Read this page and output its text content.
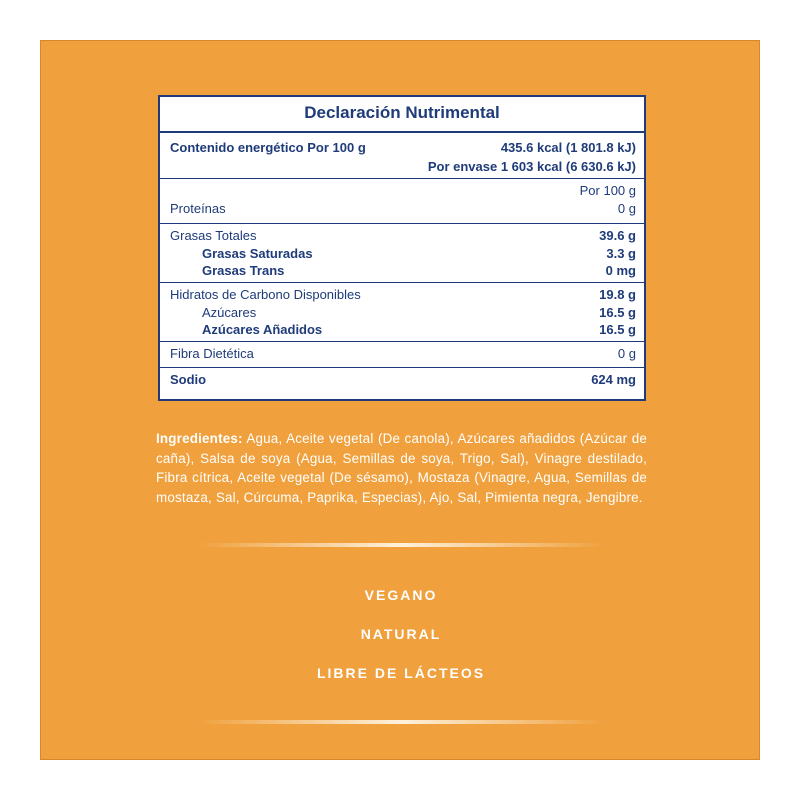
Declaración Nutrimental
Contenido energético Por 100 g	435.6 kcal (1 801.8 kJ)
Por envase 1 603 kcal (6 630.6 kJ)
Por 100 g
Proteínas	0 g
Grasas Totales	39.6 g
Grasas Saturadas	3.3 g
Grasas Trans	0 mg
Hidratos de Carbono Disponibles	19.8 g
Azúcares	16.5 g
Azúcares Añadidos	16.5 g
Fibra Dietética	0 g
Sodio	624 mg
Ingredientes: Agua, Aceite vegetal (De canola), Azúcares añadidos (Azúcar de caña), Salsa de soya (Agua, Semillas de soya, Trigo, Sal), Vinagre destilado, Fibra cítrica, Aceite vegetal (De sésamo), Mostaza (Vinagre, Agua, Semillas de mostaza, Sal, Cúrcuma, Paprika, Especias), Ajo, Sal, Pimienta negra, Jengibre.
VEGANO
NATURAL
LIBRE DE LÁCTEOS
